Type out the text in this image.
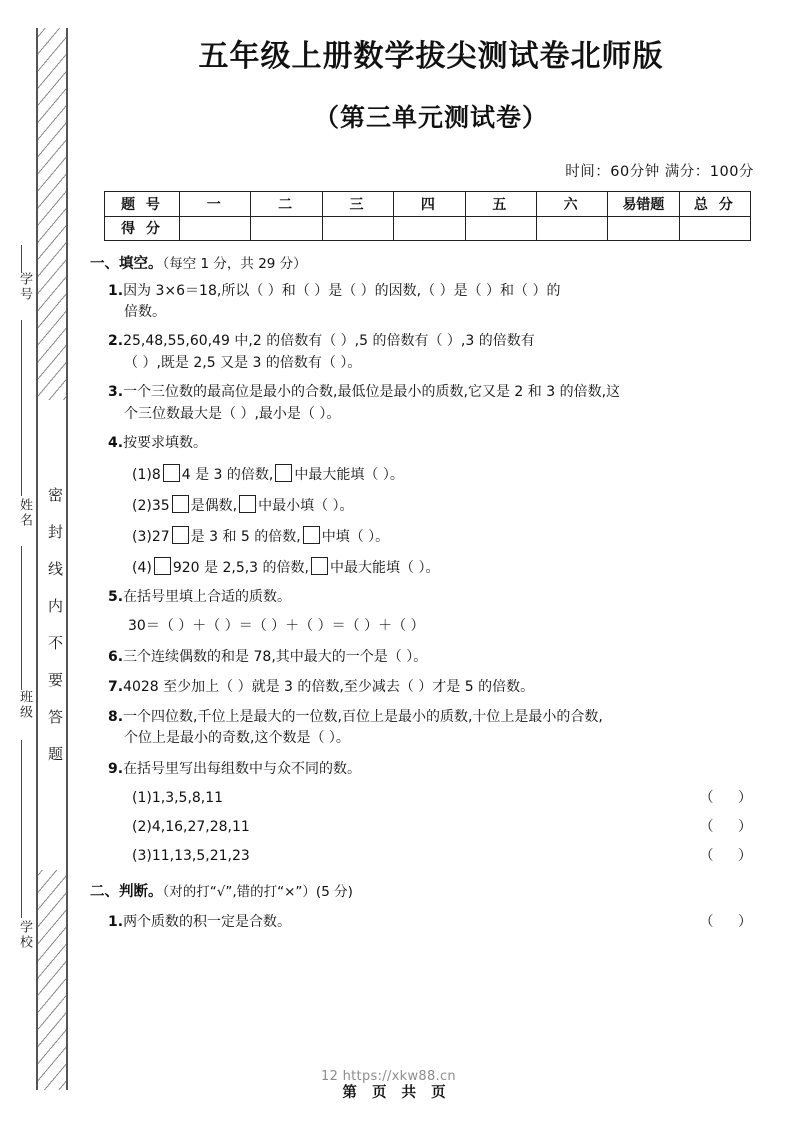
密封线内不要答题
学号
姓名
班级
学校
五年级上册数学拔尖测试卷北师版
（第三单元测试卷）

时间：60分钟 满分：100分

题 号	一	二	三	四	五	六	易错题	总 分
得 分								
一、填空。（每空 1 分，共 29 分）
1.因为 3×6＝18,所以（ ）和（ ）是（ ）的因数,（ ）是（ ）和（ ）的
倍数。
2.25,48,55,60,49 中,2 的倍数有（ ）,5 的倍数有（ ）,3 的倍数有
（ ）,既是 2,5 又是 3 的倍数有（ ）。
3.一个三位数的最高位是最小的合数,最低位是最小的质数,它又是 2 和 3 的倍数,这
个三位数最大是（ ）,最小是（ ）。
4.按要求填数。
(1)8 4 是 3 的倍数, 中最大能填（ ）。
(2)35 是偶数, 中最小填（ ）。
(3)27 是 3 和 5 的倍数, 中填（ ）。
(4) 920 是 2,5,3 的倍数, 中最大能填（ ）。
5.在括号里填上合适的质数。
30＝（ ）＋（ ）＝（ ）＋（ ）＝（ ）＋（ ）
6.三个连续偶数的和是 78,其中最大的一个是（ ）。
7.4028 至少加上（ ）就是 3 的倍数,至少减去（ ）才是 5 的倍数。
8.一个四位数,千位上是最大的一位数,百位上是最小的质数,十位上是最小的合数,
个位上是最小的奇数,这个数是（ ）。
9.在括号里写出每组数中与众不同的数。
(1)1,3,5,8,11	（ ）
(2)4,16,27,28,11	（ ）
(3)11,13,5,21,23	（ ）
二、判断。（对的打“√”,错的打“×”）(5 分)
1.两个质数的积一定是合数。	（ ）
12 https://xkw88.cn
第 页 共 页
